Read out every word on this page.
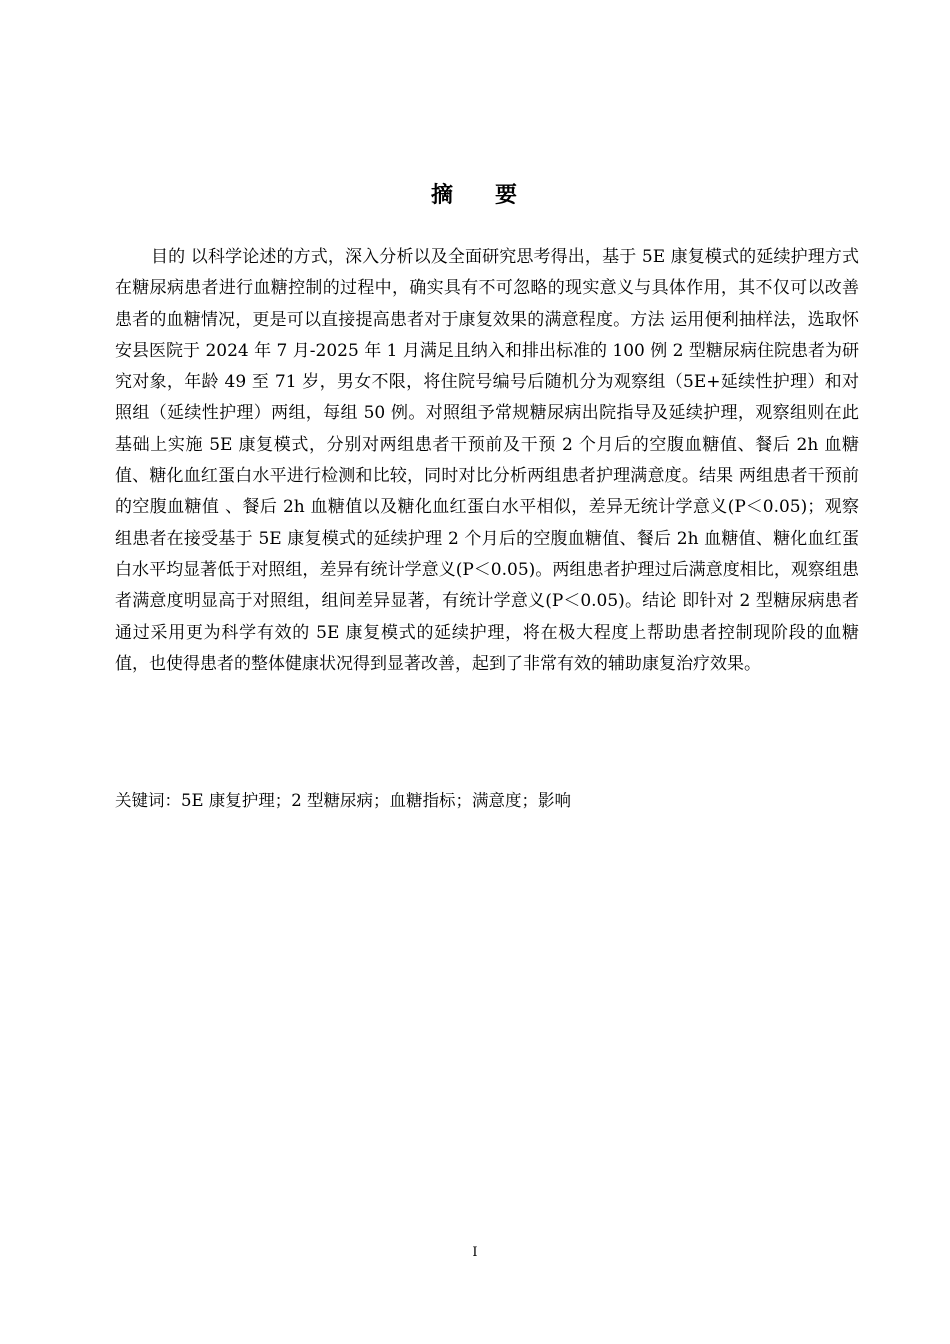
摘 要

目的 以科学论述的方式，深入分析以及全面研究思考得出，基于 5E 康复模式的延续护理方式在糖尿病患者进行血糖控制的过程中，确实具有不可忽略的现实意义与具体作用，其不仅可以改善患者的血糖情况，更是可以直接提高患者对于康复效果的满意程度。方法 运用便利抽样法，选取怀安县医院于 2024 年 7 月-2025 年 1 月满足且纳入和排出标准的 100 例 2 型糖尿病住院患者为研究对象，年龄 49 至 71 岁，男女不限，将住院号编号后随机分为观察组（5E+延续性护理）和对照组（延续性护理）两组，每组 50 例。对照组予常规糖尿病出院指导及延续护理，观察组则在此基础上实施 5E 康复模式，分别对两组患者干预前及干预 2 个月后的空腹血糖值、餐后 2h 血糖值、糖化血红蛋白水平进行检测和比较，同时对比分析两组患者护理满意度。结果 两组患者干预前的空腹血糖值 、餐后 2h 血糖值以及糖化血红蛋白水平相似，差异无统计学意义(P＜0.05)；观察组患者在接受基于 5E 康复模式的延续护理 2 个月后的空腹血糖值、餐后 2h 血糖值、糖化血红蛋白水平均显著低于对照组，差异有统计学意义(P＜0.05)。两组患者护理过后满意度相比，观察组患者满意度明显高于对照组，组间差异显著，有统计学意义(P＜0.05)。结论 即针对 2 型糖尿病患者通过采用更为科学有效的 5E 康复模式的延续护理，将在极大程度上帮助患者控制现阶段的血糖值，也使得患者的整体健康状况得到显著改善，起到了非常有效的辅助康复治疗效果。

关键词：5E 康复护理；2 型糖尿病；血糖指标；满意度；影响

I
